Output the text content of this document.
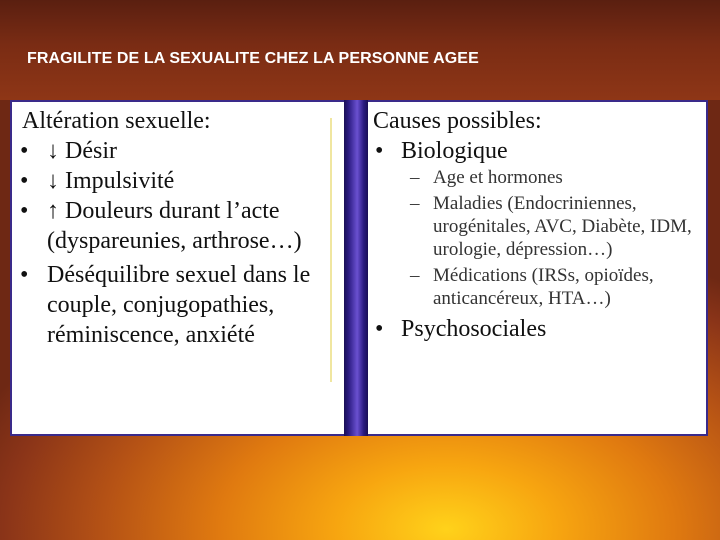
FRAGILITE DE LA SEXUALITE CHEZ LA PERSONNE AGEE
Altération sexuelle:
• ↓ Désir
• ↓ Impulsivité
• ↑ Douleurs durant l’acte (dyspareunies, arthrose…)
• Déséquilibre sexuel dans le couple, conjugopathies, réminiscence, anxiété
Causes possibles:
• Biologique
– Age et hormones
– Maladies (Endocriniennes, urogénitales, AVC, Diabète, IDM, urologie, dépression…)
– Médications (IRSs, opioïdes, anticancéreux, HTA…)
• Psychosociales
